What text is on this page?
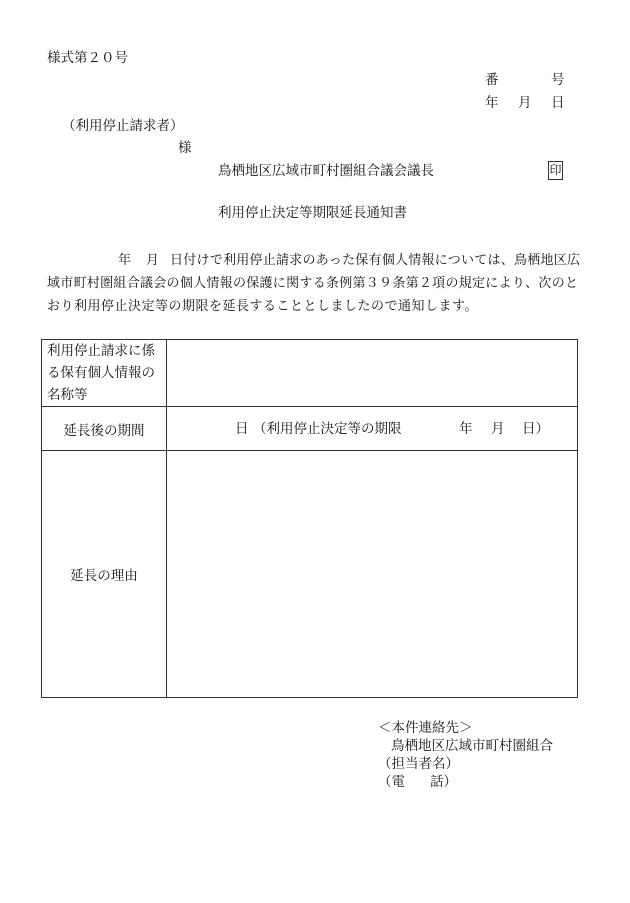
様式第２０号
番	号
年 月 日
（利用停止請求者）
様
鳥栖地区広域市町村圏組合議会議長	印
利用停止決定等期限延長通知書
年 月 日付けで利用停止請求のあった保有個人情報については、鳥栖地区広
域市町村圏組合議会の個人情報の保護に関する条例第３９条第２項の規定により、次のと
おり利用停止決定等の期限を延長することとしましたので通知します。
利用停止請求に係る保有個人情報の名称等
延長後の期間	日 （利用停止決定等の期限	年 月 日）
延長の理由
＜本件連絡先＞
鳥栖地区広域市町村圏組合
（担当者名）
（電 話）
